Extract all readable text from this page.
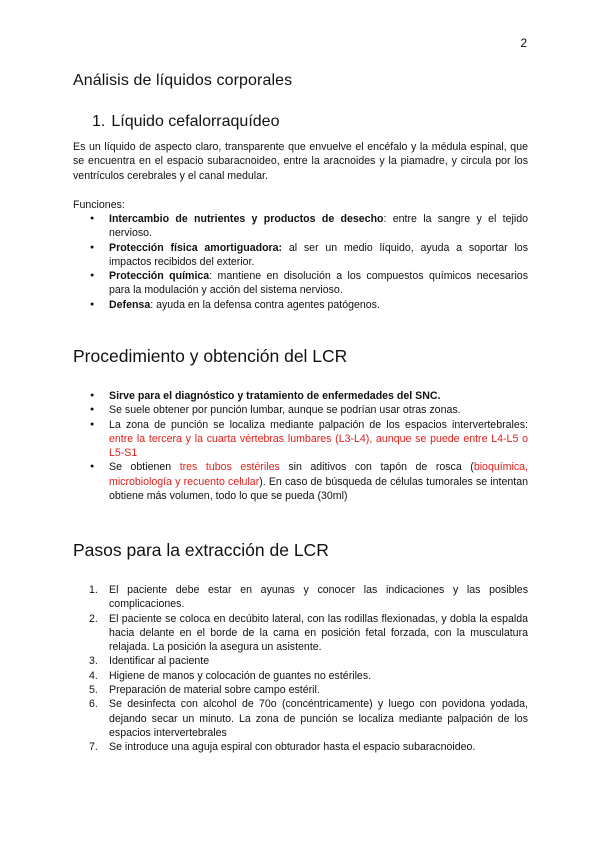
2
Análisis de líquidos corporales
1. Líquido cefalorraquídeo

Es un líquido de aspecto claro, transparente que envuelve el encéfalo y la médula espinal, que se encuentra en el espacio subaracnoideo, entre la aracnoides y la piamadre, y circula por los ventrículos cerebrales y el canal medular.

Funciones:

● Intercambio de nutrientes y productos de desecho: entre la sangre y el tejido nervioso.
● Protección física amortiguadora: al ser un medio líquido, ayuda a soportar los impactos recibidos del exterior.
● Protección química: mantiene en disolución a los compuestos químicos necesarios para la modulación y acción del sistema nervioso.
● Defensa: ayuda en la defensa contra agentes patógenos.
Procedimiento y obtención del LCR
● Sirve para el diagnóstico y tratamiento de enfermedades del SNC.
● Se suele obtener por punción lumbar, aunque se podrían usar otras zonas.
● La zona de punción se localiza mediante palpación de los espacios intervertebrales: entre la tercera y la cuarta vértebras lumbares (L3-L4), aunque se puede entre L4-L5 o L5-S1
● Se obtienen tres tubos estériles sin aditivos con tapón de rosca (bioquímica, microbiología y recuento celular). En caso de búsqueda de células tumorales se intentan obtiene más volumen, todo lo que se pueda (30ml)
Pasos para la extracción de LCR
1. El paciente debe estar en ayunas y conocer las indicaciones y las posibles complicaciones.
2. El paciente se coloca en decúbito lateral, con las rodillas flexionadas, y dobla la espalda hacia delante en el borde de la cama en posición fetal forzada, con la musculatura relajada. La posición la asegura un asistente.
3. Identificar al paciente
4. Higiene de manos y colocación de guantes no estériles.
5. Preparación de material sobre campo estéril.
6. Se desinfecta con alcohol de 70o (concéntricamente) y luego con povidona yodada, dejando secar un minuto. La zona de punción se localiza mediante palpación de los espacios intervertebrales
7. Se introduce una aguja espiral con obturador hasta el espacio subaracnoideo.
